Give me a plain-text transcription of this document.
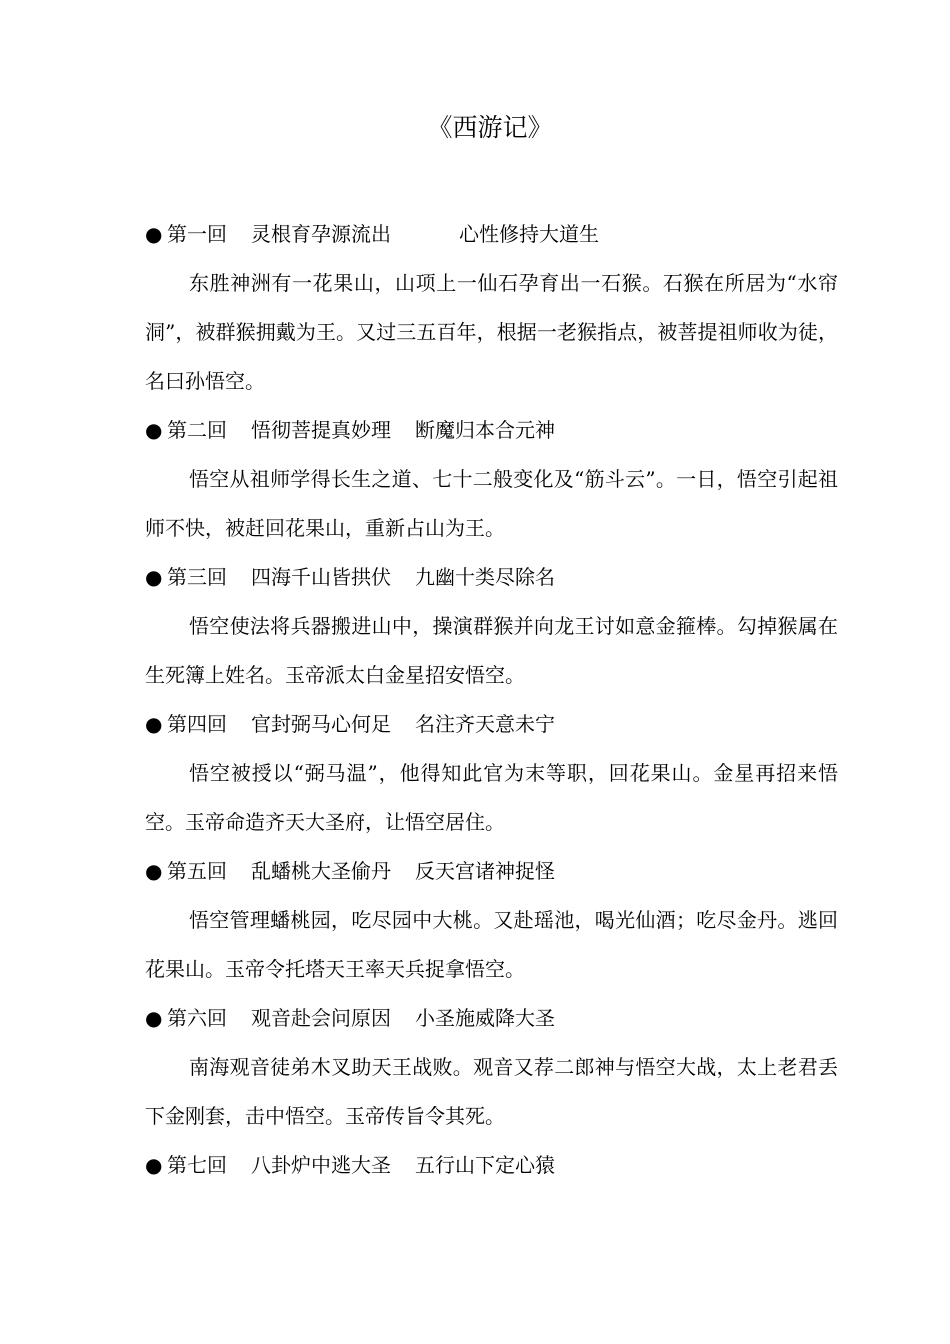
《西游记》
● 第一回 灵根育孕源流出	心性修持大道生

东胜神洲有一花果山，山项上一仙石孕育出一石猴。石猴在所居为“水帘洞”，被群猴拥戴为王。又过三五百年，根据一老猴指点，被菩提祖师收为徒，名曰孙悟空。

● 第二回 悟彻菩提真妙理 断魔归本合元神

悟空从祖师学得长生之道、七十二般变化及“筋斗云”。一日，悟空引起祖师不快，被赶回花果山，重新占山为王。

● 第三回 四海千山皆拱伏 九幽十类尽除名

悟空使法将兵器搬进山中，操演群猴并向龙王讨如意金箍棒。勾掉猴属在生死簿上姓名。玉帝派太白金星招安悟空。

● 第四回 官封弼马心何足 名注齐天意未宁

悟空被授以“弼马温”，他得知此官为末等职，回花果山。金星再招来悟空。玉帝命造齐天大圣府，让悟空居住。

● 第五回 乱蟠桃大圣偷丹 反天宫诸神捉怪

悟空管理蟠桃园，吃尽园中大桃。又赴瑶池，喝光仙酒；吃尽金丹。逃回花果山。玉帝令托塔天王率天兵捉拿悟空。

● 第六回 观音赴会问原因 小圣施威降大圣

南海观音徒弟木叉助天王战败。观音又荐二郎神与悟空大战，太上老君丢下金刚套，击中悟空。玉帝传旨令其死。

● 第七回 八卦炉中逃大圣 五行山下定心猿
